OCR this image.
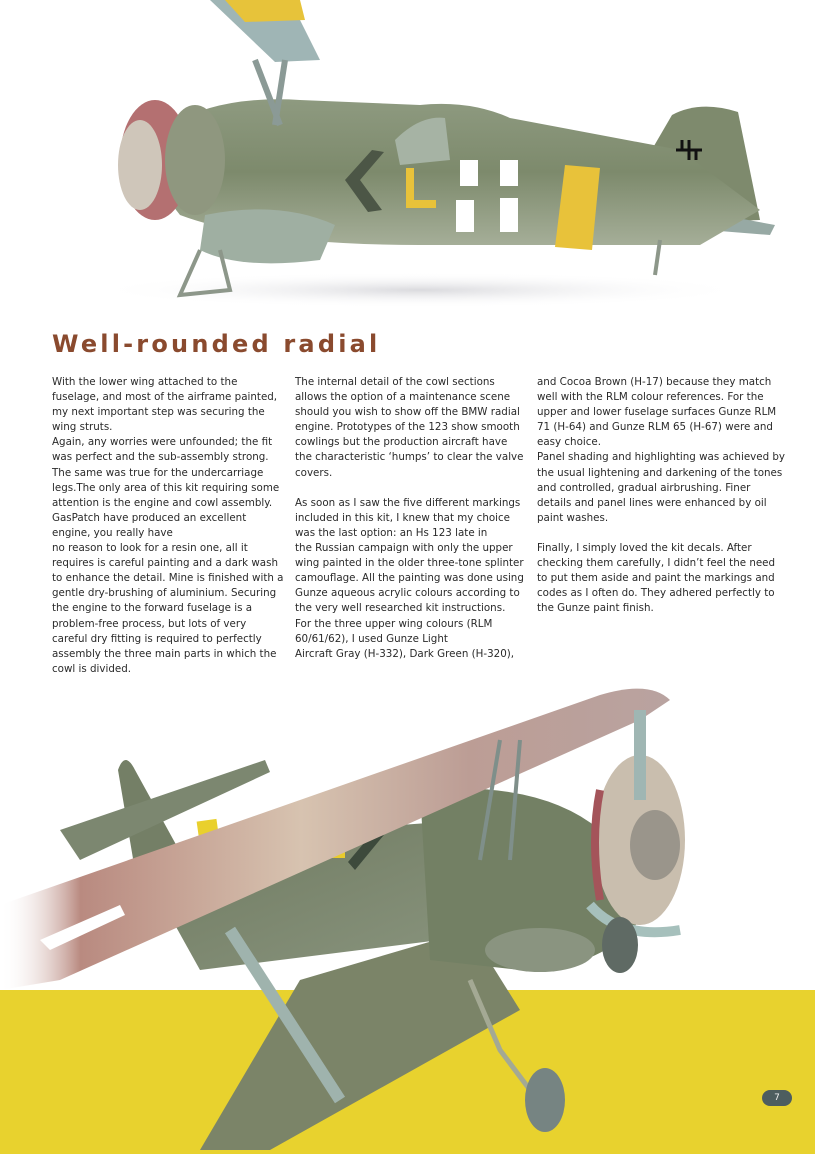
Well-rounded radial

With the lower wing attached to the fuselage, and most of the airframe painted, my next important step was securing the wing struts.

Again, any worries were unfounded; the fit was perfect and the sub-assembly strong. The same was true for the undercarriage legs.The only area of this kit requiring some attention is the engine and cowl assembly. GasPatch have produced an excellent engine, you really have

no reason to look for a resin one, all it requires is careful painting and a dark wash to enhance the detail. Mine is finished with a gentle dry-brushing of aluminium. Securing the engine to the forward fuselage is a problem-free process, but lots of very careful dry fitting is required to perfectly assembly the three main parts in which the cowl is divided.

The internal detail of the cowl sections allows the option of a maintenance scene should you wish to show off the BMW radial engine. Prototypes of the 123 show smooth cowlings but the production aircraft have the characteristic ‘humps’ to clear the valve covers.

As soon as I saw the five different markings included in this kit, I knew that my choice was the last option: an Hs 123 late in

the Russian campaign with only the upper wing painted in the older three-tone splinter camouflage. All the painting was done using Gunze aqueous acrylic colours according to the very well researched kit instructions.

For the three upper wing colours (RLM 60/61/62), I used Gunze Light

Aircraft Gray (H-332), Dark Green (H-320),

and Cocoa Brown (H-17) because they match well with the RLM colour references. For the upper and lower fuselage surfaces Gunze RLM 71 (H-64) and Gunze RLM 65 (H-67) were and easy choice.

Panel shading and highlighting was achieved by the usual lightening and darkening of the tones and controlled, gradual airbrushing. Finer details and panel lines were enhanced by oil paint washes.

Finally, I simply loved the kit decals. After checking them carefully, I didn’t feel the need to put them aside and paint the markings and codes as I often do. They adhered perfectly to the Gunze paint finish.

7
